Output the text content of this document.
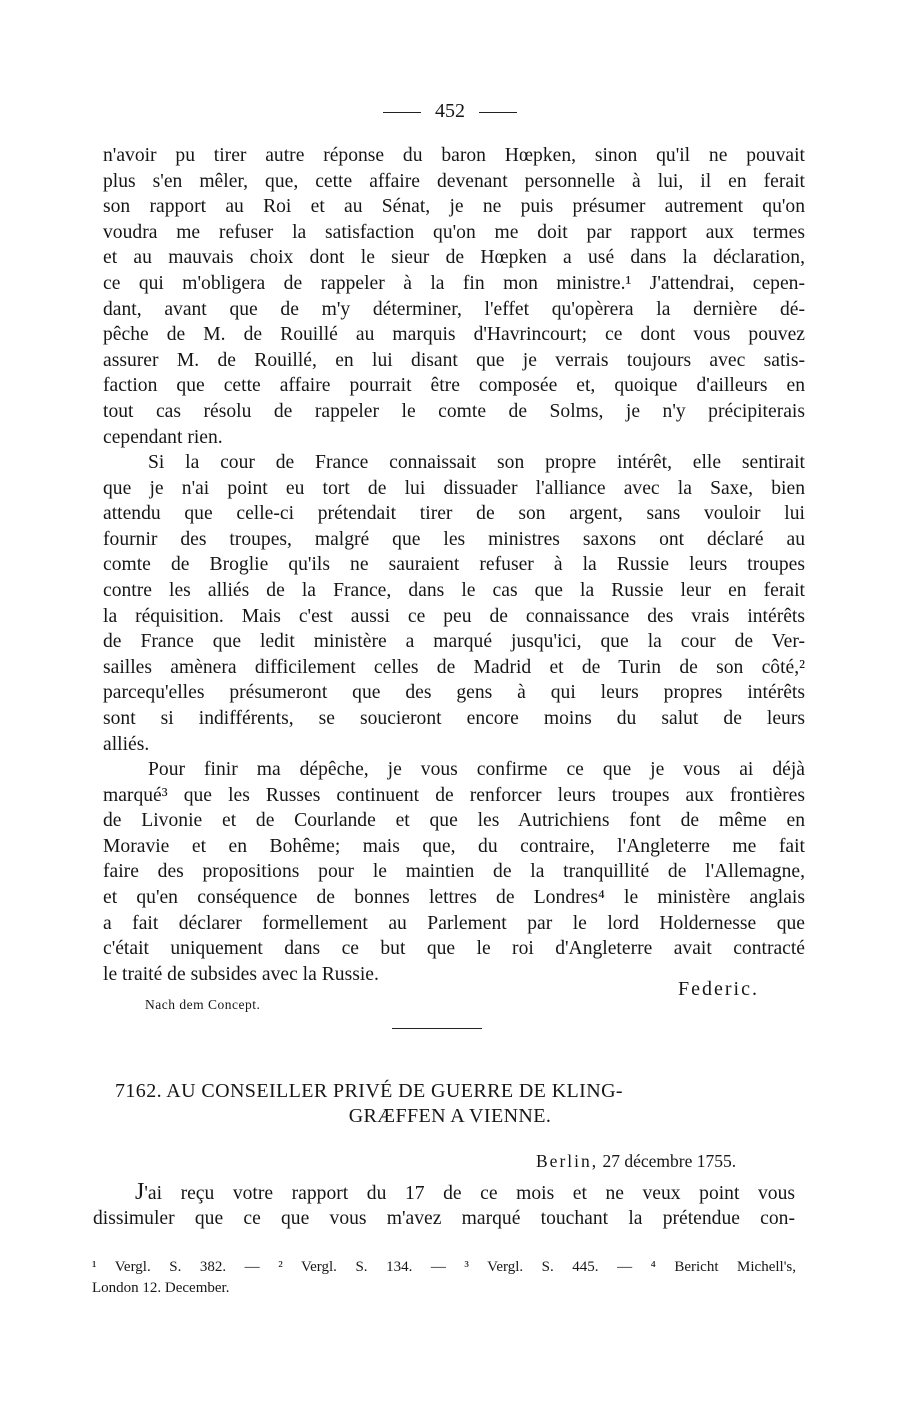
452
n'avoir pu tirer autre réponse du baron Hœpken, sinon qu'il ne pouvait
plus s'en mêler, que, cette affaire devenant personnelle à lui, il en ferait
son rapport au Roi et au Sénat, je ne puis présumer autrement qu'on
voudra me refuser la satisfaction qu'on me doit par rapport aux termes
et au mauvais choix dont le sieur de Hœpken a usé dans la déclaration,
ce qui m'obligera de rappeler à la fin mon ministre.¹ J'attendrai, cepen-
dant, avant que de m'y déterminer, l'effet qu'opèrera la dernière dé-
pêche de M. de Rouillé au marquis d'Havrincourt; ce dont vous pouvez
assurer M. de Rouillé, en lui disant que je verrais toujours avec satis-
faction que cette affaire pourrait être composée et, quoique d'ailleurs en
tout cas résolu de rappeler le comte de Solms, je n'y précipiterais
cependant rien.
Si la cour de France connaissait son propre intérêt, elle sentirait
que je n'ai point eu tort de lui dissuader l'alliance avec la Saxe, bien
attendu que celle-ci prétendait tirer de son argent, sans vouloir lui
fournir des troupes, malgré que les ministres saxons ont déclaré au
comte de Broglie qu'ils ne sauraient refuser à la Russie leurs troupes
contre les alliés de la France, dans le cas que la Russie leur en ferait
la réquisition. Mais c'est aussi ce peu de connaissance des vrais intérêts
de France que ledit ministère a marqué jusqu'ici, que la cour de Ver-
sailles amènera difficilement celles de Madrid et de Turin de son côté,²
parcequ'elles présumeront que des gens à qui leurs propres intérêts
sont si indifférents, se soucieront encore moins du salut de leurs
alliés.
Pour finir ma dépêche, je vous confirme ce que je vous ai déjà
marqué³ que les Russes continuent de renforcer leurs troupes aux frontières
de Livonie et de Courlande et que les Autrichiens font de même en
Moravie et en Bohême; mais que, du contraire, l'Angleterre me fait
faire des propositions pour le maintien de la tranquillité de l'Allemagne,
et qu'en conséquence de bonnes lettres de Londres⁴ le ministère anglais
a fait déclarer formellement au Parlement par le lord Holdernesse que
c'était uniquement dans ce but que le roi d'Angleterre avait contracté
le traité de subsides avec la Russie.
Federic.
Nach dem Concept.
7162. AU CONSEILLER PRIVÉ DE GUERRE DE KLING-
GRÆFFEN A VIENNE.
Berlin, 27 décembre 1755.
J'ai reçu votre rapport du 17 de ce mois et ne veux point vous
dissimuler que ce que vous m'avez marqué touchant la prétendue con-
¹ Vergl. S. 382. — ² Vergl. S. 134. — ³ Vergl. S. 445. — ⁴ Bericht Michell's,
London 12. December.
